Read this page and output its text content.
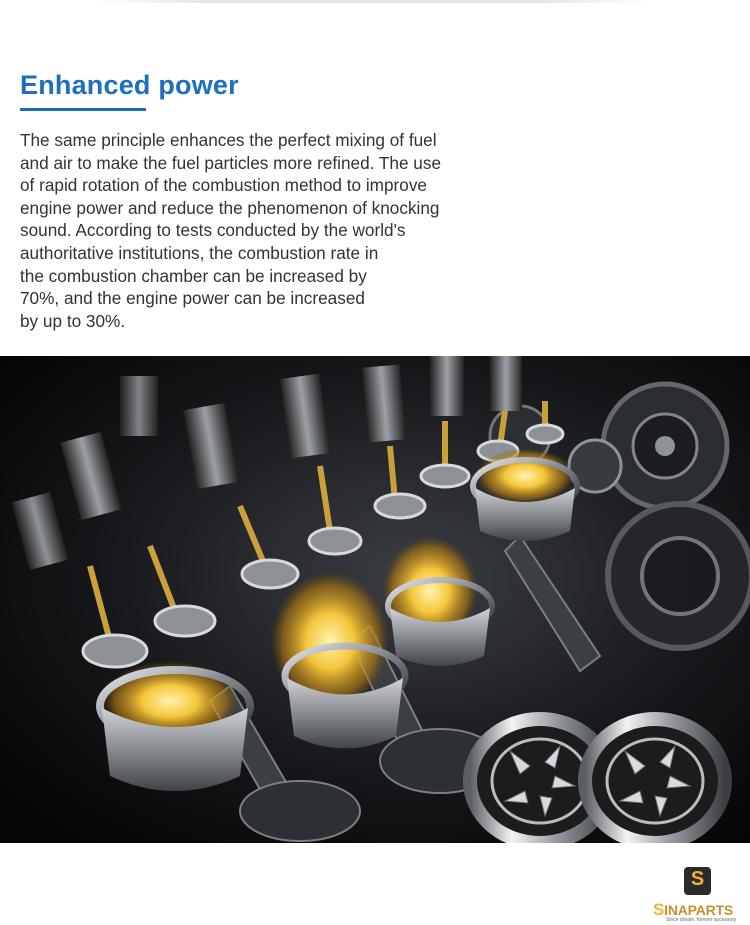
Enhanced power
The same principle enhances the perfect mixing of fuel
and air to make the fuel particles more refined. The use
of rapid rotation of the combustion method to improve
engine power and reduce the phenomenon of knocking
sound. According to tests conducted by the world's
authoritative institutions, the combustion rate in
the combustion chamber can be increased by
70%, and the engine power can be increased
by up to 30%.
S
SINAPARTS
Since dream. forever accessory
